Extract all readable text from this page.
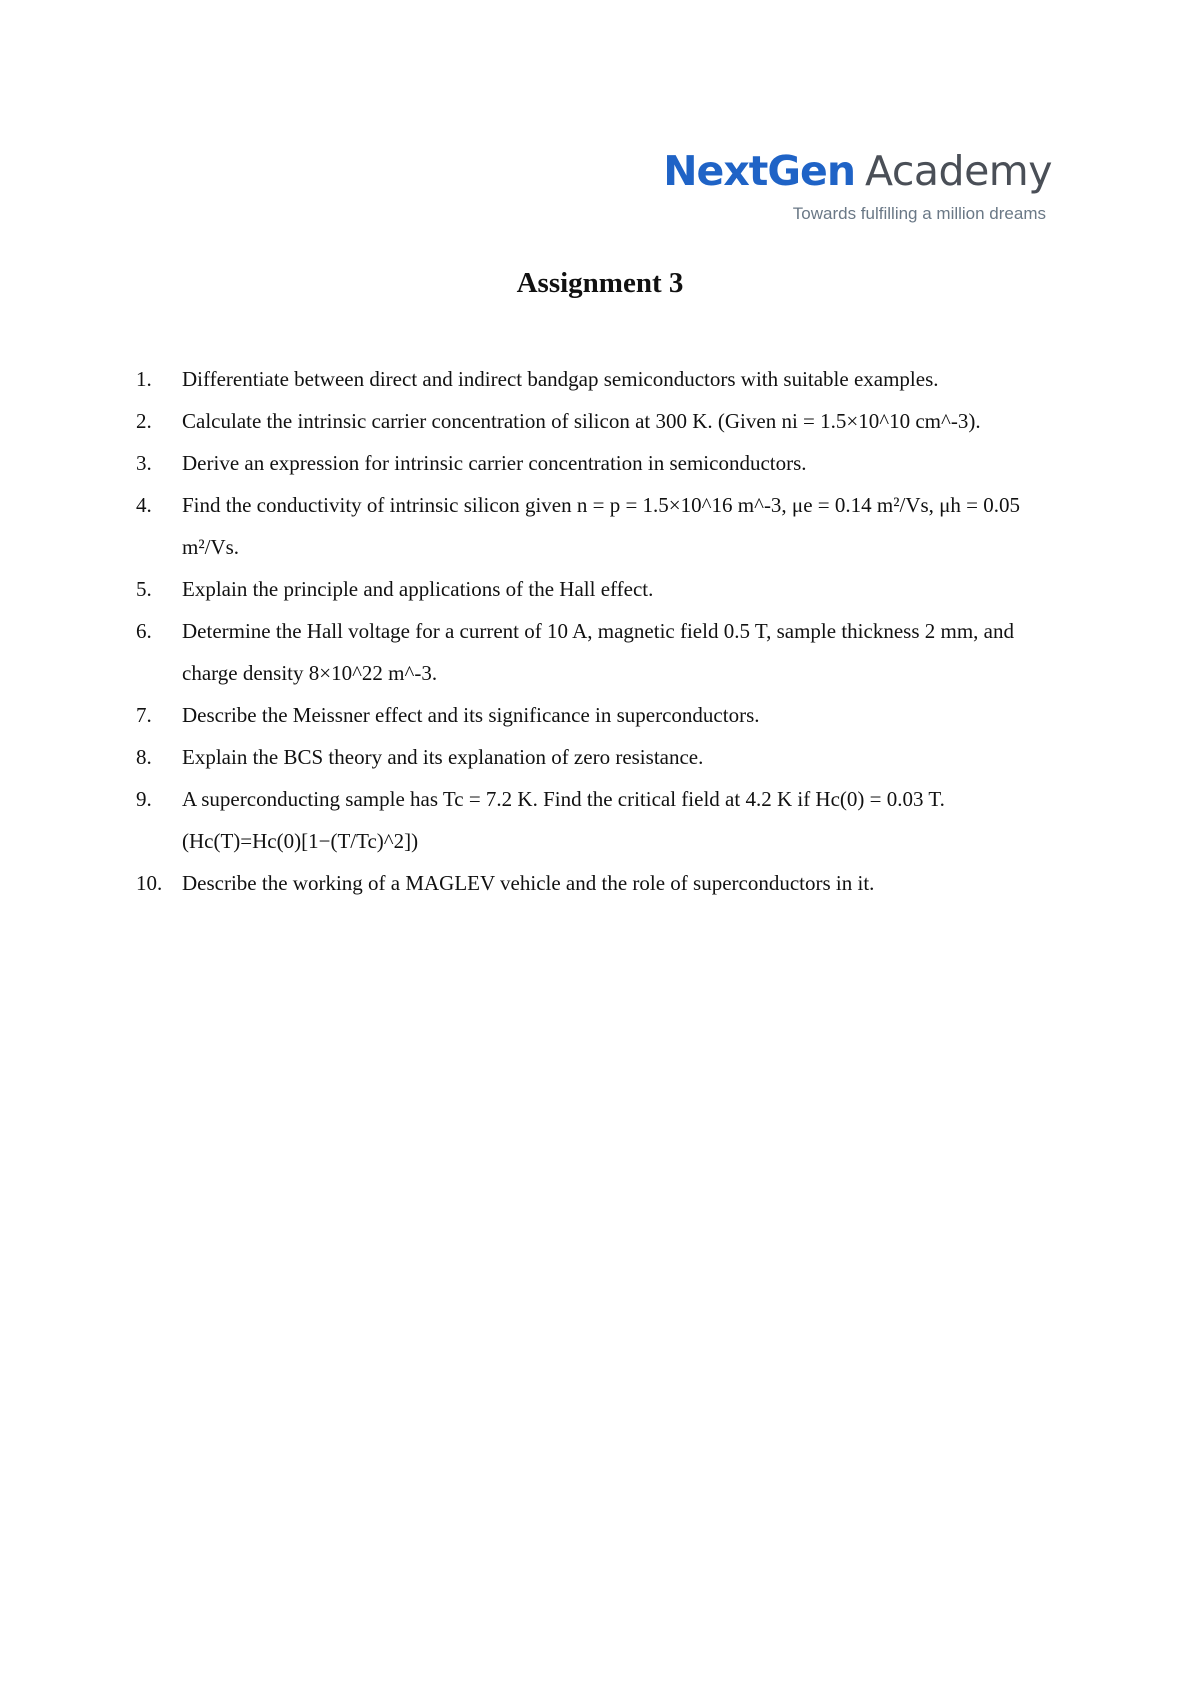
NextGen Academy
Towards fulfilling a million dreams
Assignment 3
1. Differentiate between direct and indirect bandgap semiconductors with suitable examples.
2. Calculate the intrinsic carrier concentration of silicon at 300 K. (Given ni = 1.5×10^10 cm^-3).
3. Derive an expression for intrinsic carrier concentration in semiconductors.
4. Find the conductivity of intrinsic silicon given n = p = 1.5×10^16 m^-3, μe = 0.14 m²/Vs, μh = 0.05 m²/Vs.
5. Explain the principle and applications of the Hall effect.
6. Determine the Hall voltage for a current of 10 A, magnetic field 0.5 T, sample thickness 2 mm, and charge density 8×10^22 m^-3.
7. Describe the Meissner effect and its significance in superconductors.
8. Explain the BCS theory and its explanation of zero resistance.
9. A superconducting sample has Tc = 7.2 K. Find the critical field at 4.2 K if Hc(0) = 0.03 T. (Hc(T)=Hc(0)[1−(T/Tc)^2])
10. Describe the working of a MAGLEV vehicle and the role of superconductors in it.
